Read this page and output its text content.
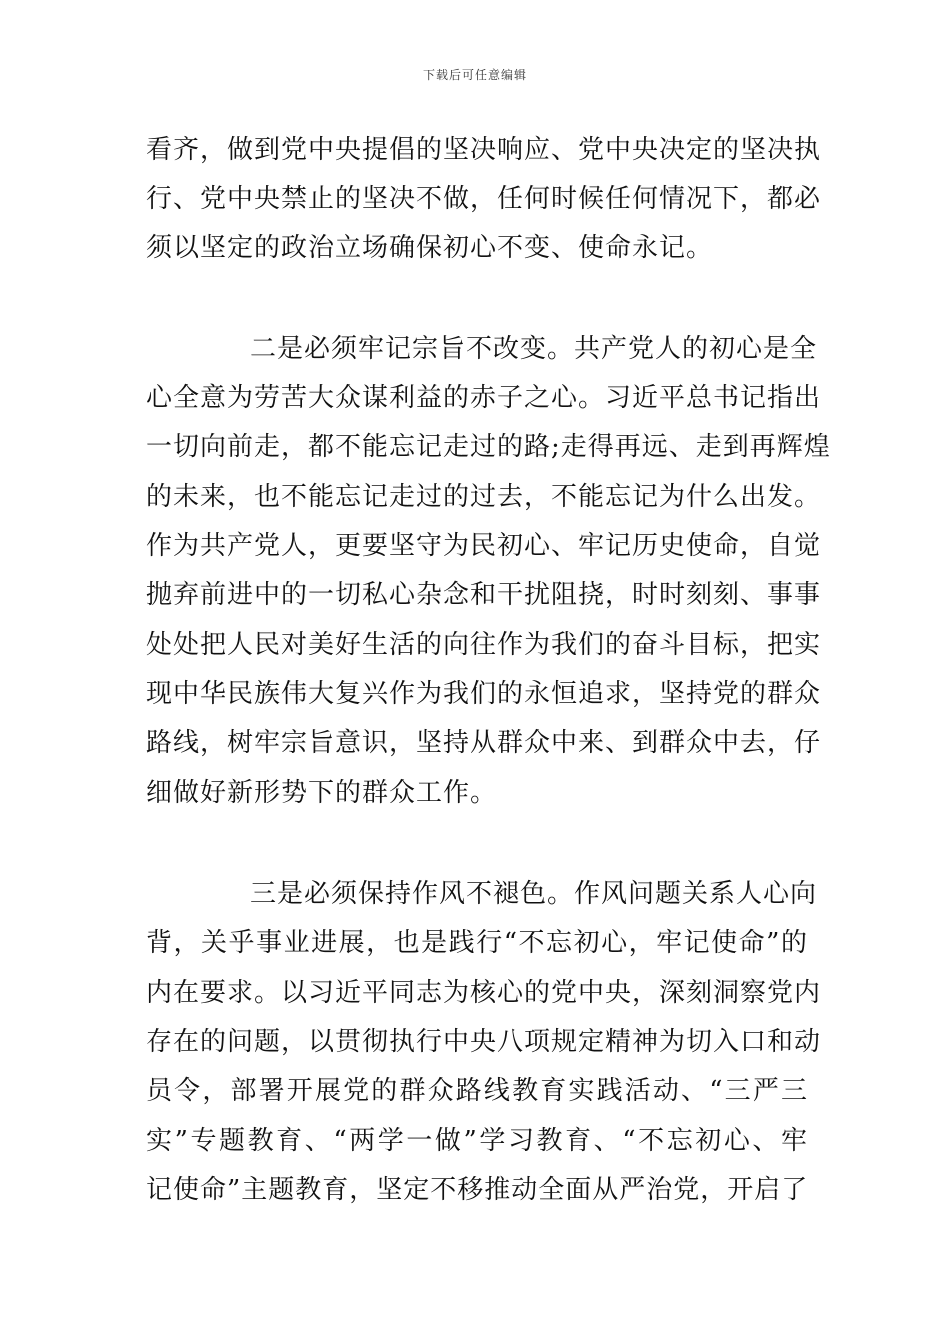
下载后可任意编辑
看齐，做到党中央提倡的坚决响应、党中央决定的坚决执
行、党中央禁止的坚决不做，任何时候任何情况下，都必
须以坚定的政治立场确保初心不变、使命永记。
二是必须牢记宗旨不改变。共产党人的初心是全
心全意为劳苦大众谋利益的赤子之心。习近平总书记指出
一切向前走，都不能忘记走过的路;走得再远、走到再辉煌
的未来，也不能忘记走过的过去，不能忘记为什么出发。
作为共产党人，更要坚守为民初心、牢记历史使命，自觉
抛弃前进中的一切私心杂念和干扰阻挠，时时刻刻、事事
处处把人民对美好生活的向往作为我们的奋斗目标，把实
现中华民族伟大复兴作为我们的永恒追求，坚持党的群众
路线，树牢宗旨意识，坚持从群众中来、到群众中去，仔
细做好新形势下的群众工作。
三是必须保持作风不褪色。作风问题关系人心向
背，关乎事业进展，也是践行“不忘初心，牢记使命”的
内在要求。以习近平同志为核心的党中央，深刻洞察党内
存在的问题，以贯彻执行中央八项规定精神为切入口和动
员令，部署开展党的群众路线教育实践活动、“三严三
实”专题教育、“两学一做”学习教育、“不忘初心、牢
记使命”主题教育，坚定不移推动全面从严治党，开启了
